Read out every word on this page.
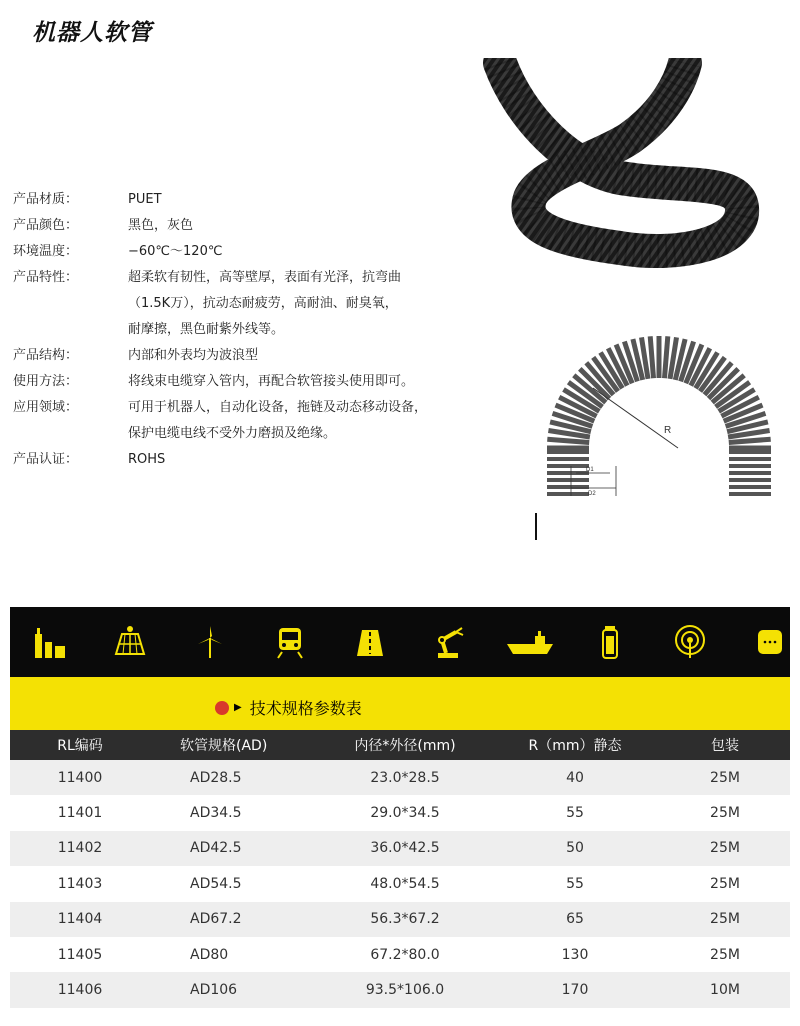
机器人软管
产品材质：	PUET
产品颜色：	黑色，灰色
环境温度：	−60℃～120℃
产品特性：	超柔软有韧性，高等壁厚，表面有光泽，抗弯曲
（1.5K万），抗动态耐疲劳，高耐油、耐臭氧，
耐摩擦，黑色耐紫外线等。
产品结构：	内部和外表均为波浪型
使用方法：	将线束电缆穿入管内，再配合软管接头使用即可。
应用领域：	可用于机器人，自动化设备，拖链及动态移动设备，
保护电缆电线不受外力磨损及绝缘。
产品认证：	ROHS
R
D1
D2
▶ 技术规格参数表
RL编码	软管规格(AD)	内径*外径(mm)	R（mm）静态	包装
11400	AD28.5	23.0*28.5	40	25M
11401	AD34.5	29.0*34.5	55	25M
11402	AD42.5	36.0*42.5	50	25M
11403	AD54.5	48.0*54.5	55	25M
11404	AD67.2	56.3*67.2	65	25M
11405	AD80	67.2*80.0	130	25M
11406	AD106	93.5*106.0	170	10M
